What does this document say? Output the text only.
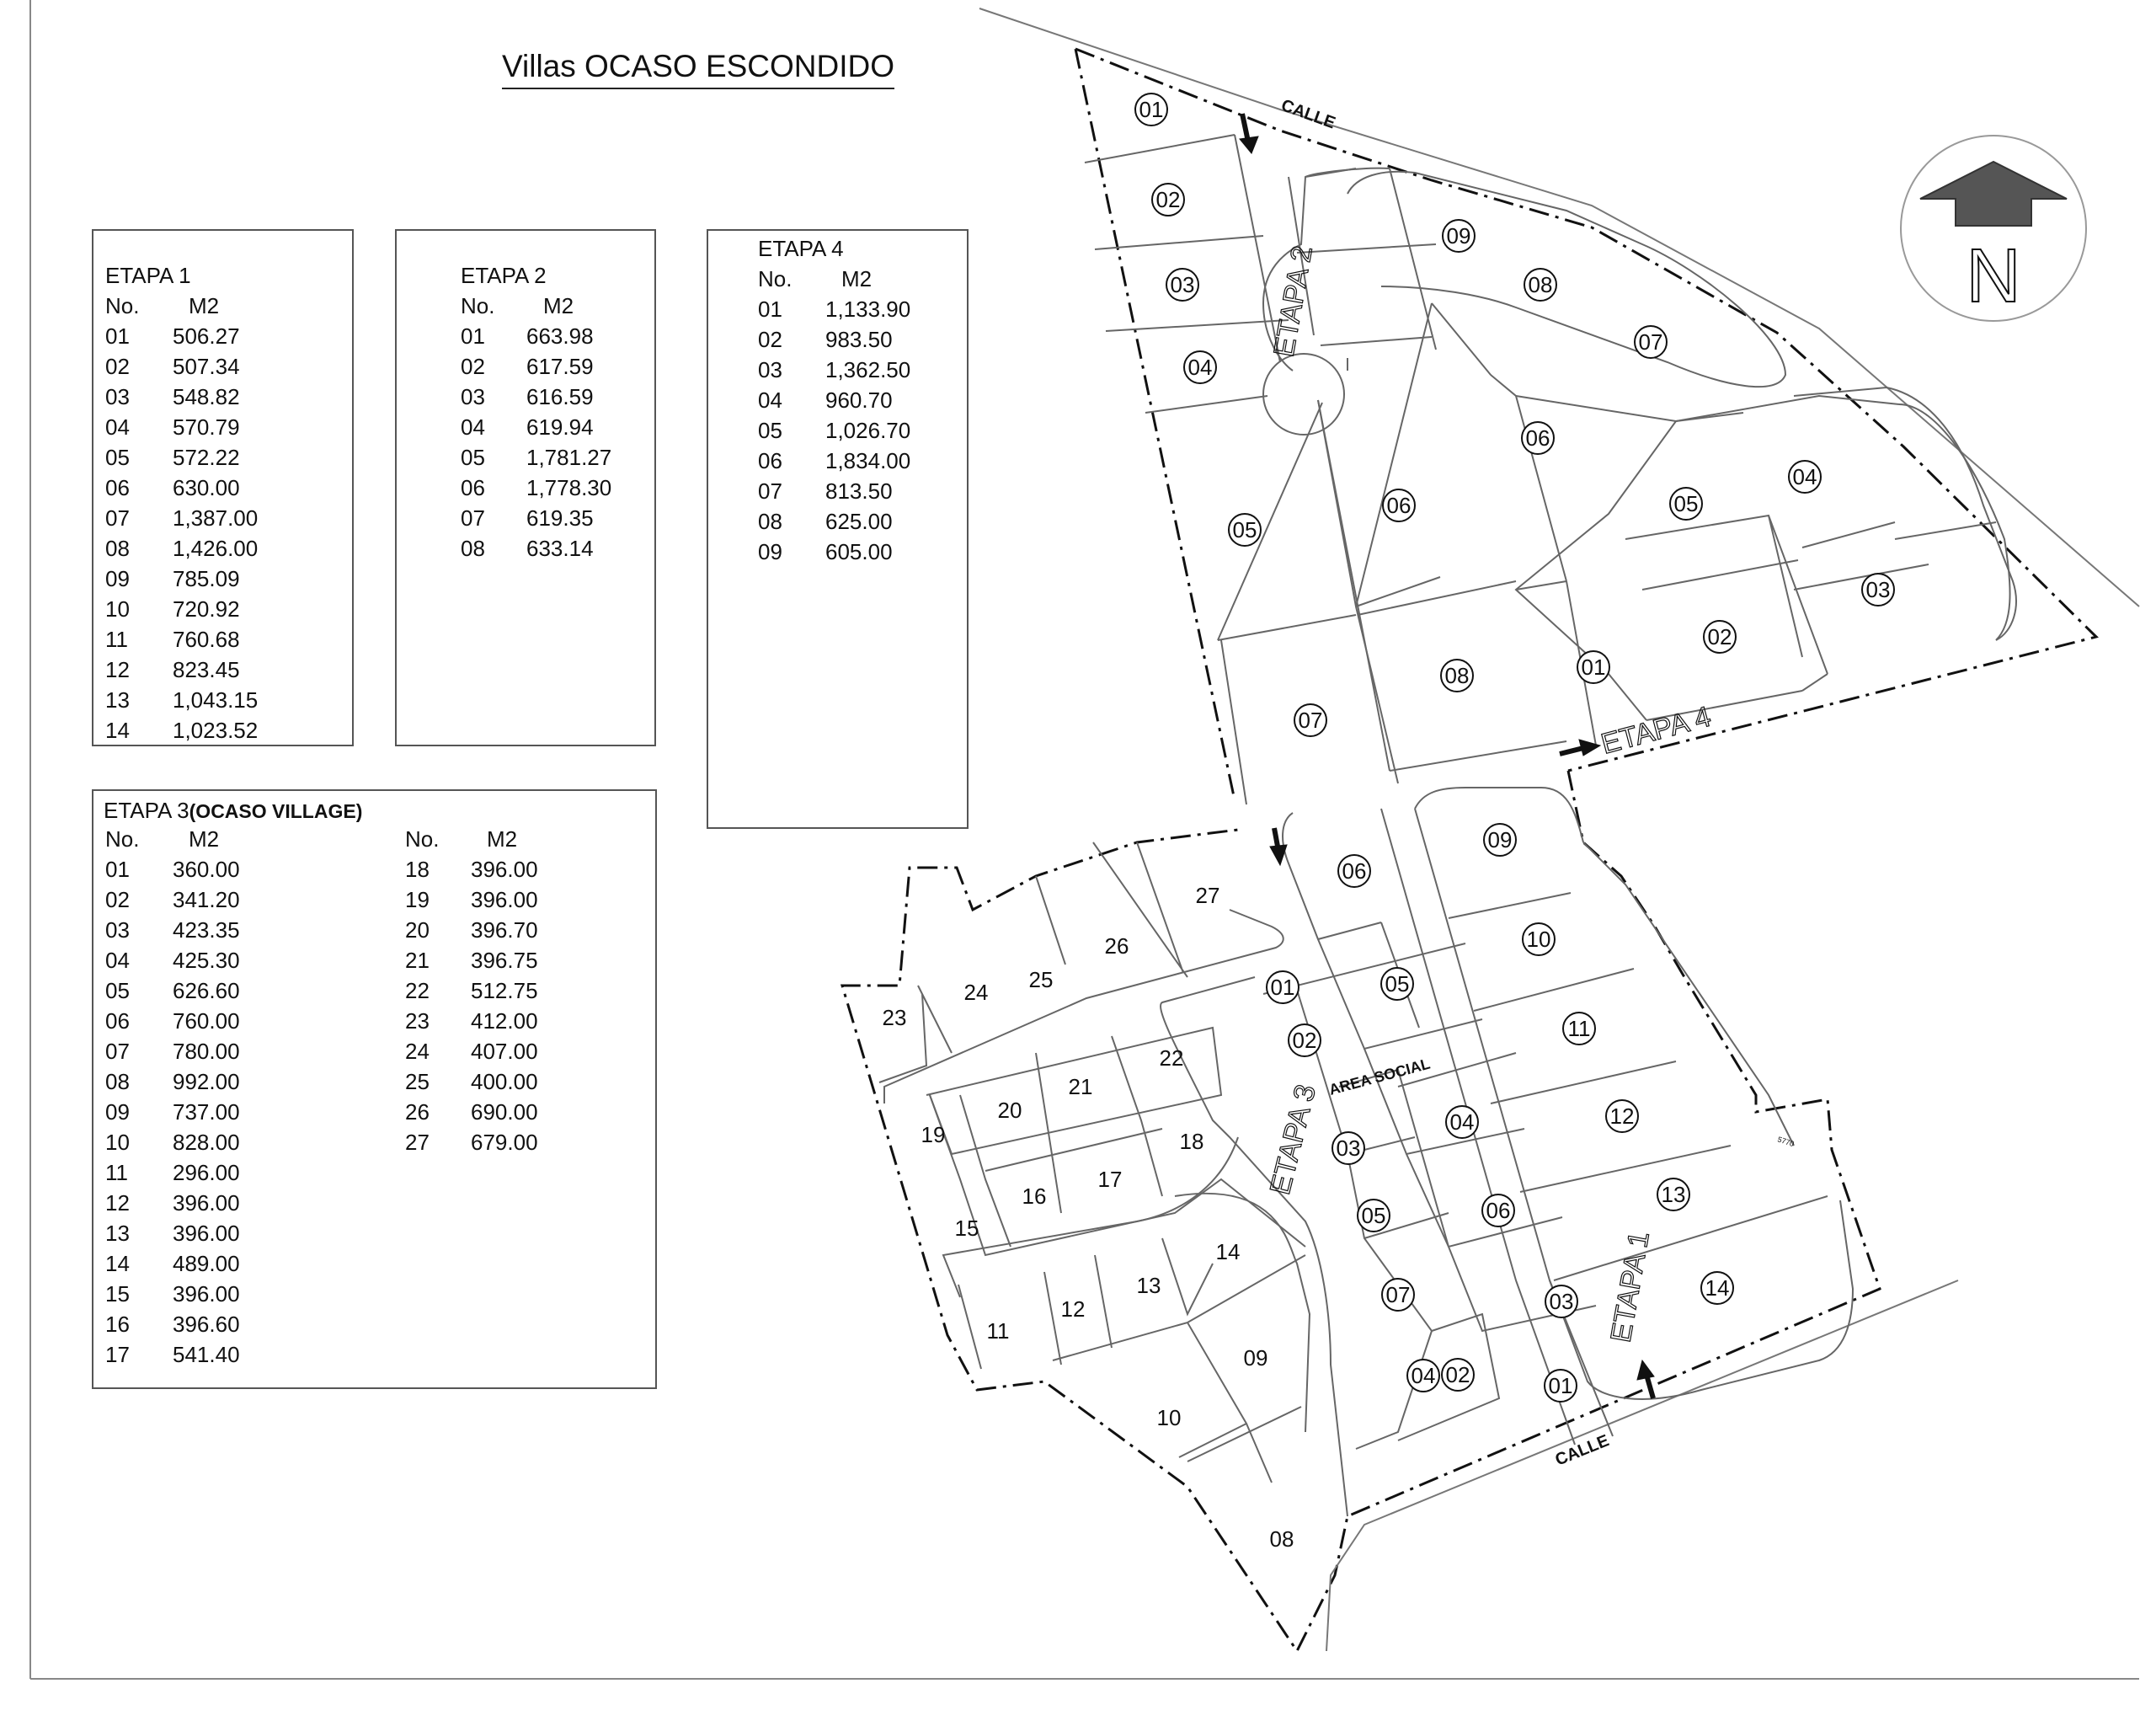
Villas OCASO ESCONDIDO
ETAPA 1
No. M2
01 506.27
02 507.34
03 548.82
04 570.79
05 572.22
06 630.00
07 1,387.00
08 1,426.00
09 785.09
10 720.92
11 760.68
12 823.45
13 1,043.15
14 1,023.52
ETAPA 2
No. M2
01 663.98
02 617.59
03 616.59
04 619.94
05 1,781.27
06 1,778.30
07 619.35
08 633.14
ETAPA 4
No. M2
01 1,133.90
02 983.50
03 1,362.50
04 960.70
05 1,026.70
06 1,834.00
07 813.50
08 625.00
09 605.00
ETAPA 3(OCASO VILLAGE)
No. M2	No. M2
01 360.00
02 341.20
03 423.35
04 425.30
05 626.60
06 760.00
07 780.00
08 992.00
09 737.00
10 828.00
11 296.00
12 396.00
13 396.00
14 489.00
15 396.00
16 396.60
17 541.40
18 396.00
19 396.00
20 396.70
21 396.75
22 512.75
23 412.00
24 407.00
25 400.00
26 690.00
27 679.00
01
02
03
04
05
06
07
08
09
08
07
06
05
04
03
02
01
09
10
11
12
13
14
06
05
01
02
03
04
05	06
07
04
03
02	01
27
26
25
24
23
22
21
20
19	18
17
16
15
14
13
12
11
09
10
08
CALLE
CALLE
ETAPA 2
ETAPA 4
ETAPA 3
ETAPA 1
AREA SOCIAL
5770
N
